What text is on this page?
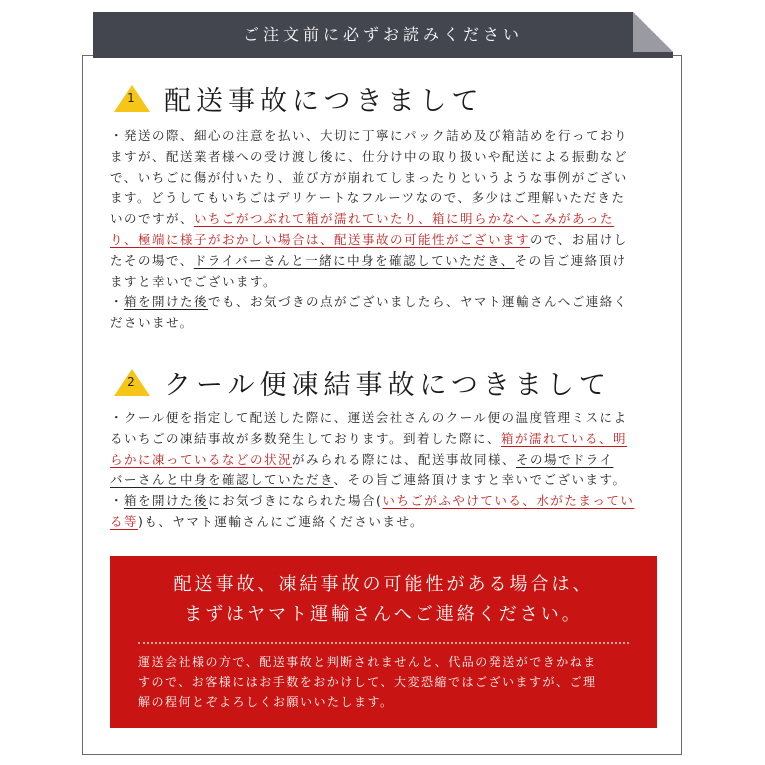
ご注文前に必ずお読みください
1	配送事故につきまして

・発送の際、細心の注意を払い、大切に丁寧にパック詰め及び箱詰めを行っており

ますが、配送業者様への受け渡し後に、仕分け中の取り扱いや配送による振動など

で、いちごに傷が付いたり、並び方が崩れてしまったりというような事例がござい

ます。どうしてもいちごはデリケートなフルーツなので、多少はご理解いただきた

いのですが、いちごがつぶれて箱が濡れていたり、箱に明らかなへこみがあった

り、極端に様子がおかしい場合は、配送事故の可能性がございますので、お届けし

たその場で、ドライバーさんと一緒に中身を確認していただき、その旨ご連絡頂け

ますと幸いでございます。

・箱を開けた後でも、お気づきの点がございましたら、ヤマト運輸さんへご連絡く

ださいませ。

2	クール便凍結事故につきまして

・クール便を指定して配送した際に、運送会社さんのクール便の温度管理ミスによ

るいちごの凍結事故が多数発生しております。到着した際に、箱が濡れている、明

らかに凍っているなどの状況がみられる際には、配送事故同様、その場でドライ

バーさんと中身を確認していただき、その旨ご連絡頂けますと幸いでございます。

・箱を開けた後にお気づきになられた場合(いちごがふやけている、水がたまってい

る等)も、ヤマト運輸さんにご連絡くださいませ。

配送事故、凍結事故の可能性がある場合は、
まずはヤマト運輸さんへご連絡ください。

運送会社様の方で、配送事故と判断されませんと、代品の発送ができかねま

すので、お客様にはお手数をおかけして、大変恐縮ではございますが、ご理

解の程何とぞよろしくお願いいたします。
